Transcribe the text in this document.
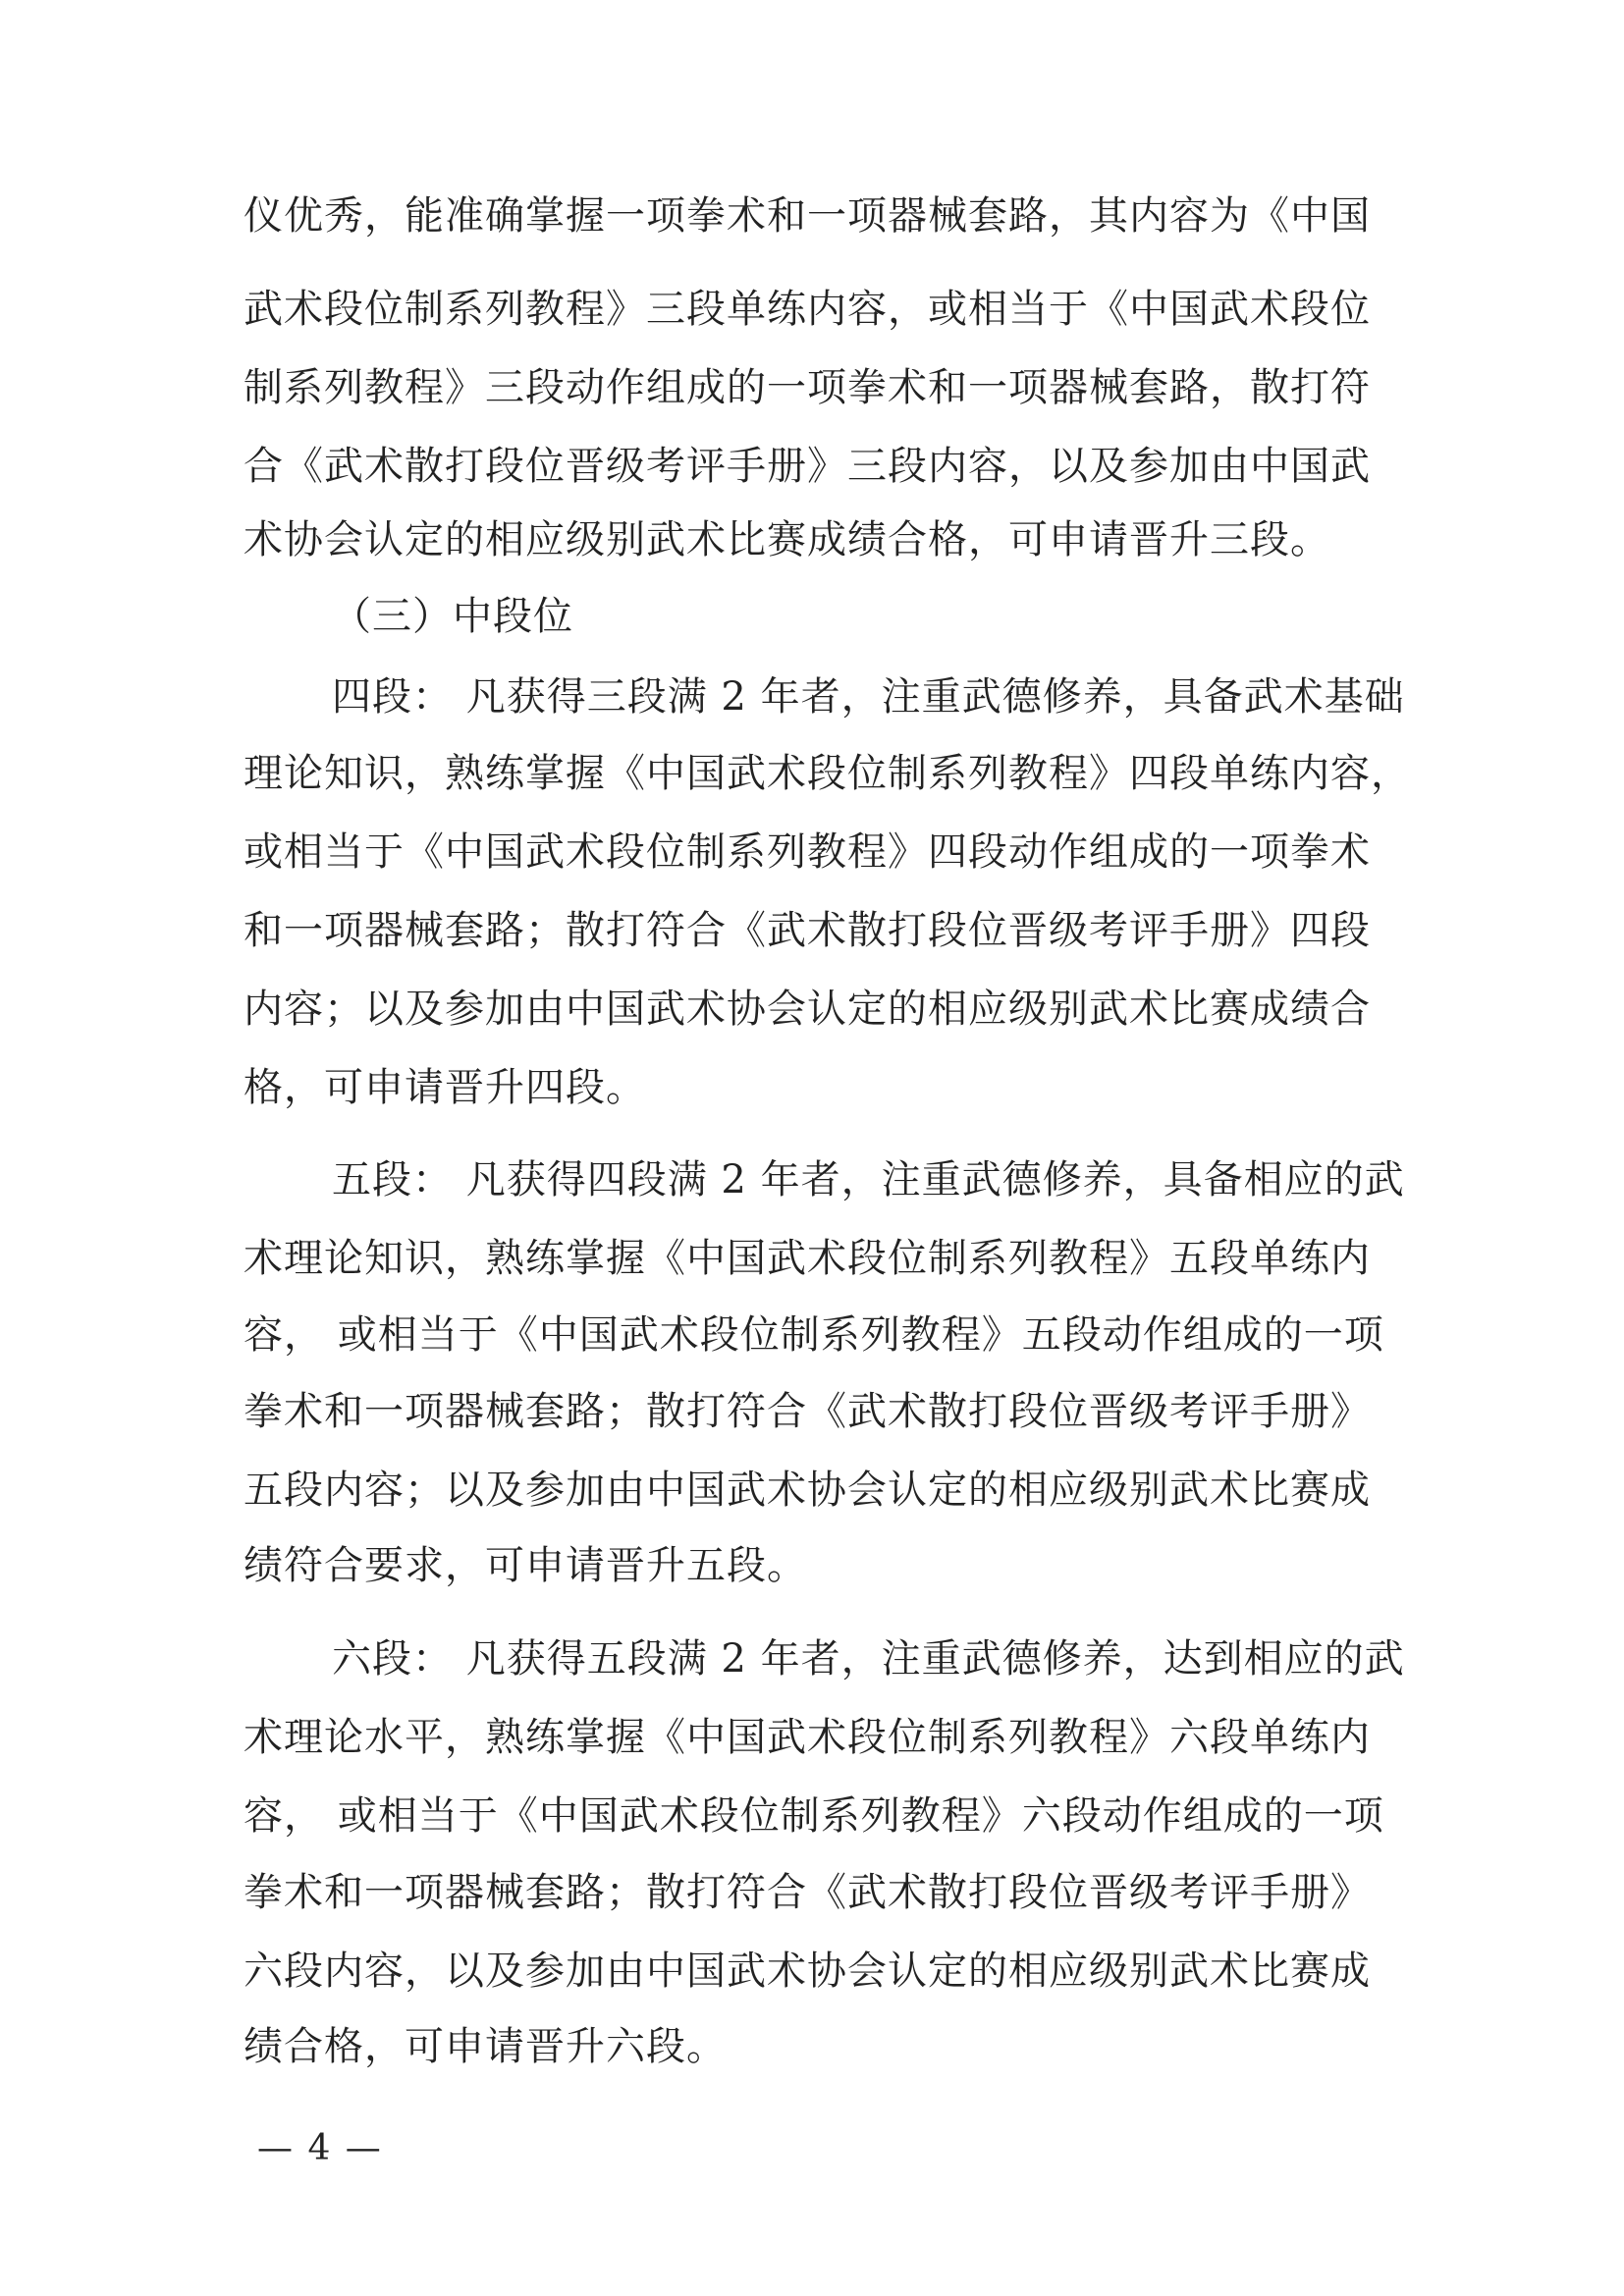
仪优秀，能准确掌握一项拳术和一项器械套路，其内容为《中国
武术段位制系列教程》三段单练内容，或相当于《中国武术段位
制系列教程》三段动作组成的一项拳术和一项器械套路，散打符
合《武术散打段位晋级考评手册》三段内容，以及参加由中国武
术协会认定的相应级别武术比赛成绩合格，可申请晋升三段。
（三）中段位
四段： 凡获得三段满 2 年者，注重武德修养，具备武术基础
理论知识，熟练掌握《中国武术段位制系列教程》四段单练内容，
或相当于《中国武术段位制系列教程》四段动作组成的一项拳术
和一项器械套路；散打符合《武术散打段位晋级考评手册》四段
内容；以及参加由中国武术协会认定的相应级别武术比赛成绩合
格，可申请晋升四段。
五段： 凡获得四段满 2 年者，注重武德修养，具备相应的武
术理论知识，熟练掌握《中国武术段位制系列教程》五段单练内
容， 或相当于《中国武术段位制系列教程》五段动作组成的一项
拳术和一项器械套路；散打符合《武术散打段位晋级考评手册》
五段内容；以及参加由中国武术协会认定的相应级别武术比赛成
绩符合要求，可申请晋升五段。
六段： 凡获得五段满 2 年者，注重武德修养，达到相应的武
术理论水平，熟练掌握《中国武术段位制系列教程》六段单练内
容， 或相当于《中国武术段位制系列教程》六段动作组成的一项
拳术和一项器械套路；散打符合《武术散打段位晋级考评手册》
六段内容，以及参加由中国武术协会认定的相应级别武术比赛成
绩合格，可申请晋升六段。
— 4 —
